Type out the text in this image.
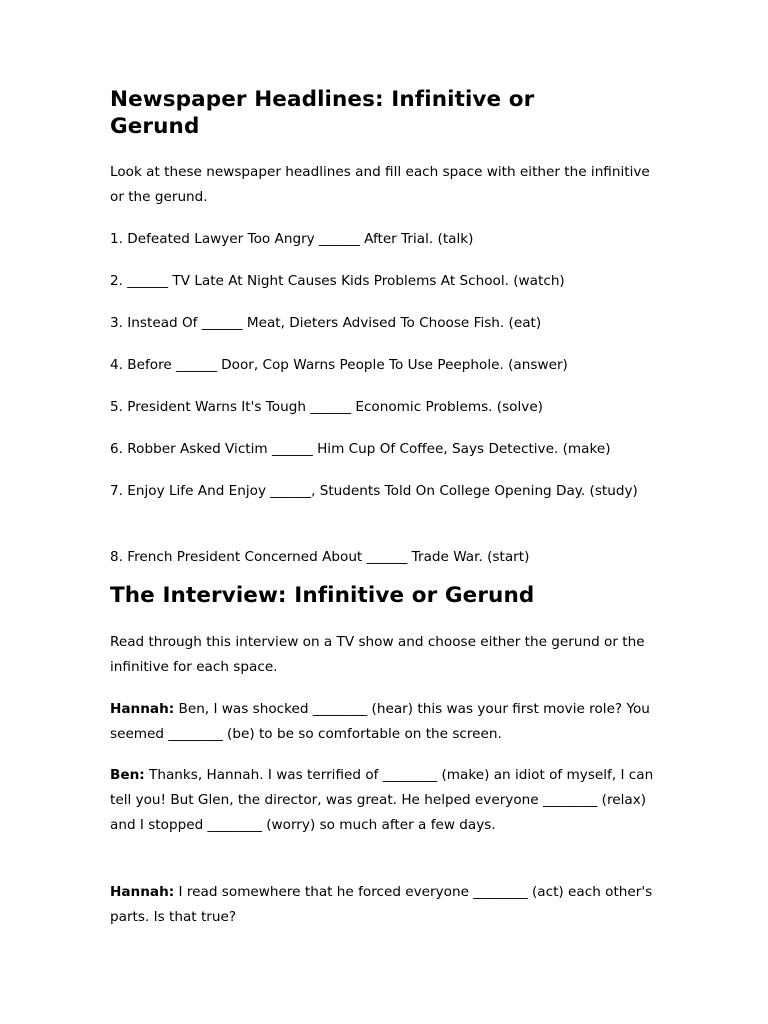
Newspaper Headlines: Infinitive or Gerund

Look at these newspaper headlines and fill each space with either the infinitive or the gerund.

1. Defeated Lawyer Too Angry ______ After Trial. (talk)

2. ______ TV Late At Night Causes Kids Problems At School. (watch)

3. Instead Of ______ Meat, Dieters Advised To Choose Fish. (eat)

4. Before ______ Door, Cop Warns People To Use Peephole. (answer)

5. President Warns It's Tough ______ Economic Problems. (solve)

6. Robber Asked Victim ______ Him Cup Of Coffee, Says Detective. (make)

7. Enjoy Life And Enjoy ______, Students Told On College Opening Day. (study)

8. French President Concerned About ______ Trade War. (start)

The Interview: Infinitive or Gerund

Read through this interview on a TV show and choose either the gerund or the infinitive for each space.

Hannah: Ben, I was shocked ________ (hear) this was your first movie role? You seemed ________ (be) to be so comfortable on the screen.

Ben: Thanks, Hannah. I was terrified of ________ (make) an idiot of myself, I can tell you! But Glen, the director, was great. He helped everyone ________ (relax) and I stopped ________ (worry) so much after a few days.

Hannah: I read somewhere that he forced everyone ________ (act) each other's parts. Is that true?
